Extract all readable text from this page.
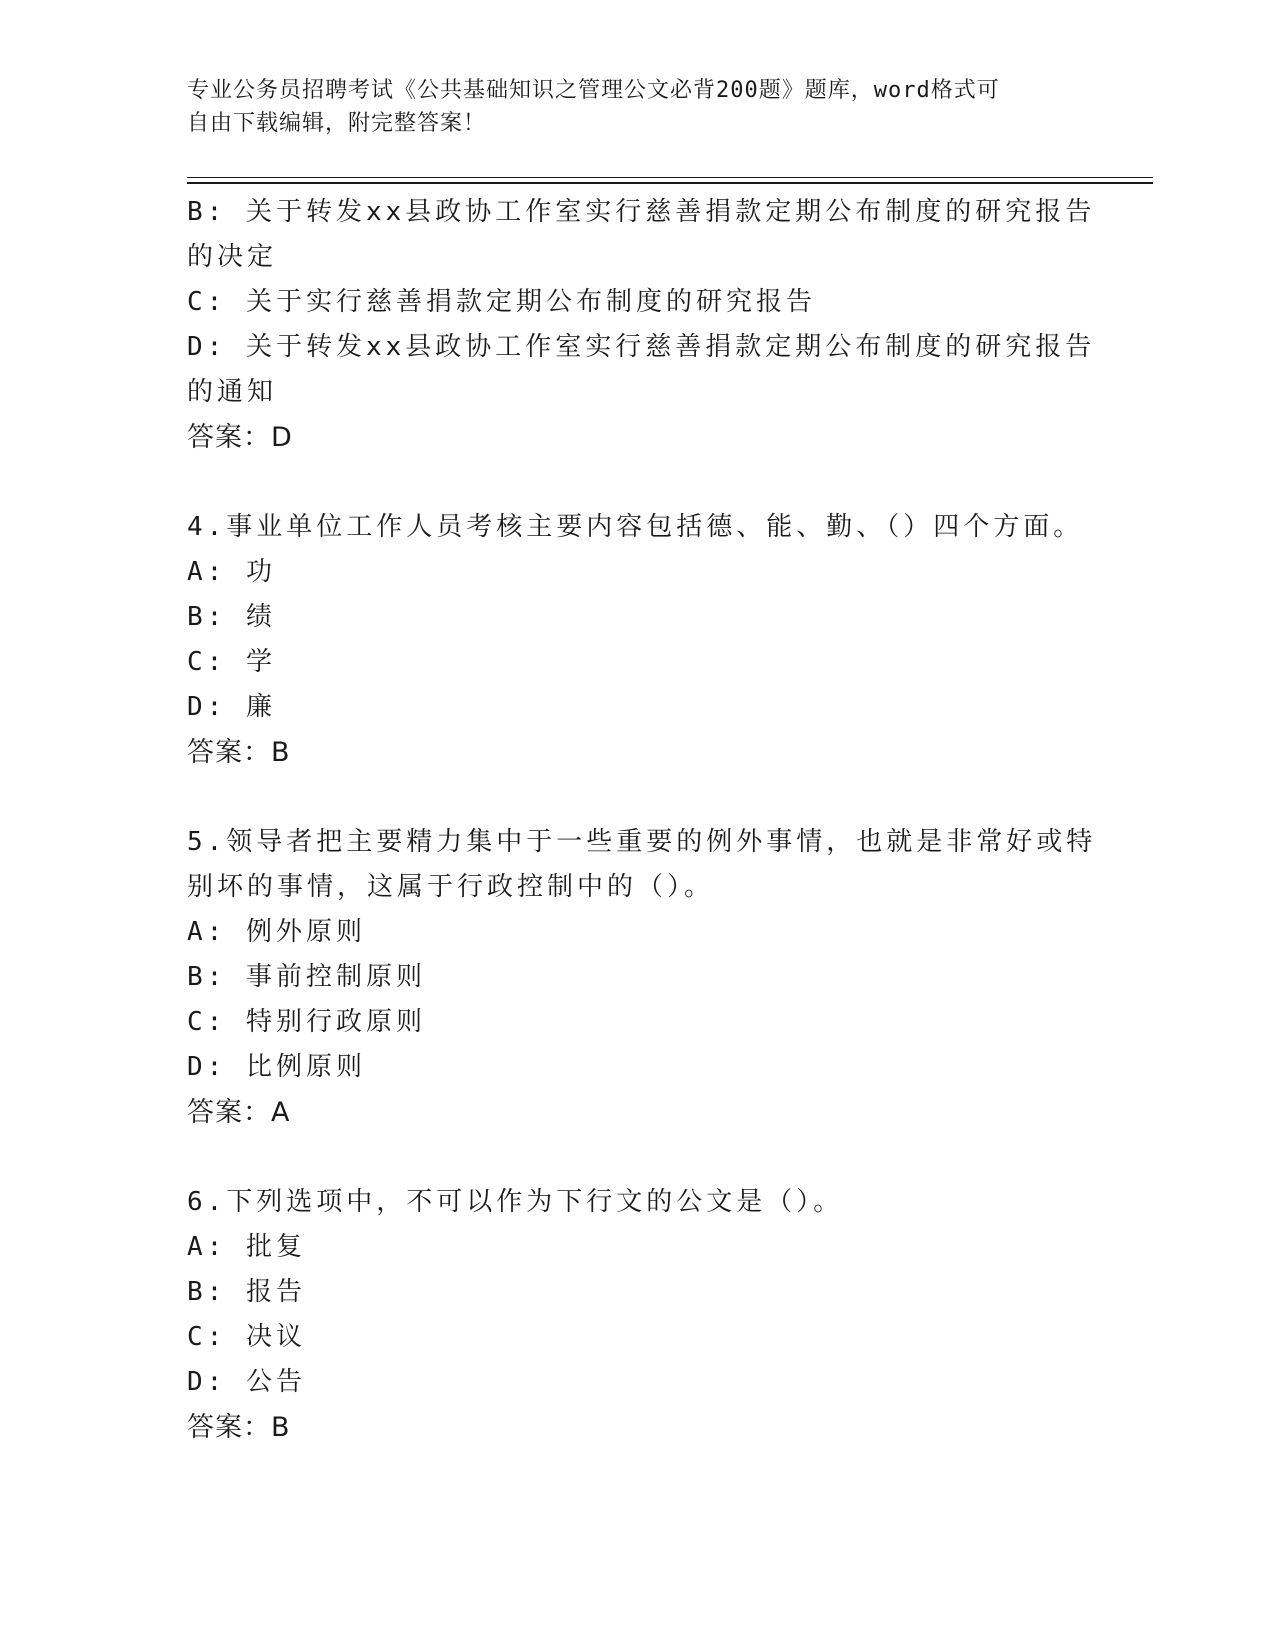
专业公务员招聘考试《公共基础知识之管理公文必背200题》题库，word格式可
自由下载编辑，附完整答案！
B: 关于转发xx县政协工作室实行慈善捐款定期公布制度的研究报告
的决定
C: 关于实行慈善捐款定期公布制度的研究报告
D: 关于转发xx县政协工作室实行慈善捐款定期公布制度的研究报告
的通知
答案：D
4.事业单位工作人员考核主要内容包括德、能、勤、（）四个方面。
A: 功
B: 绩
C: 学
D: 廉
答案：B
5.领导者把主要精力集中于一些重要的例外事情，也就是非常好或特
别坏的事情，这属于行政控制中的（）。
A: 例外原则
B: 事前控制原则
C: 特别行政原则
D: 比例原则
答案：A
6.下列选项中，不可以作为下行文的公文是（）。
A: 批复
B: 报告
C: 决议
D: 公告
答案：B
